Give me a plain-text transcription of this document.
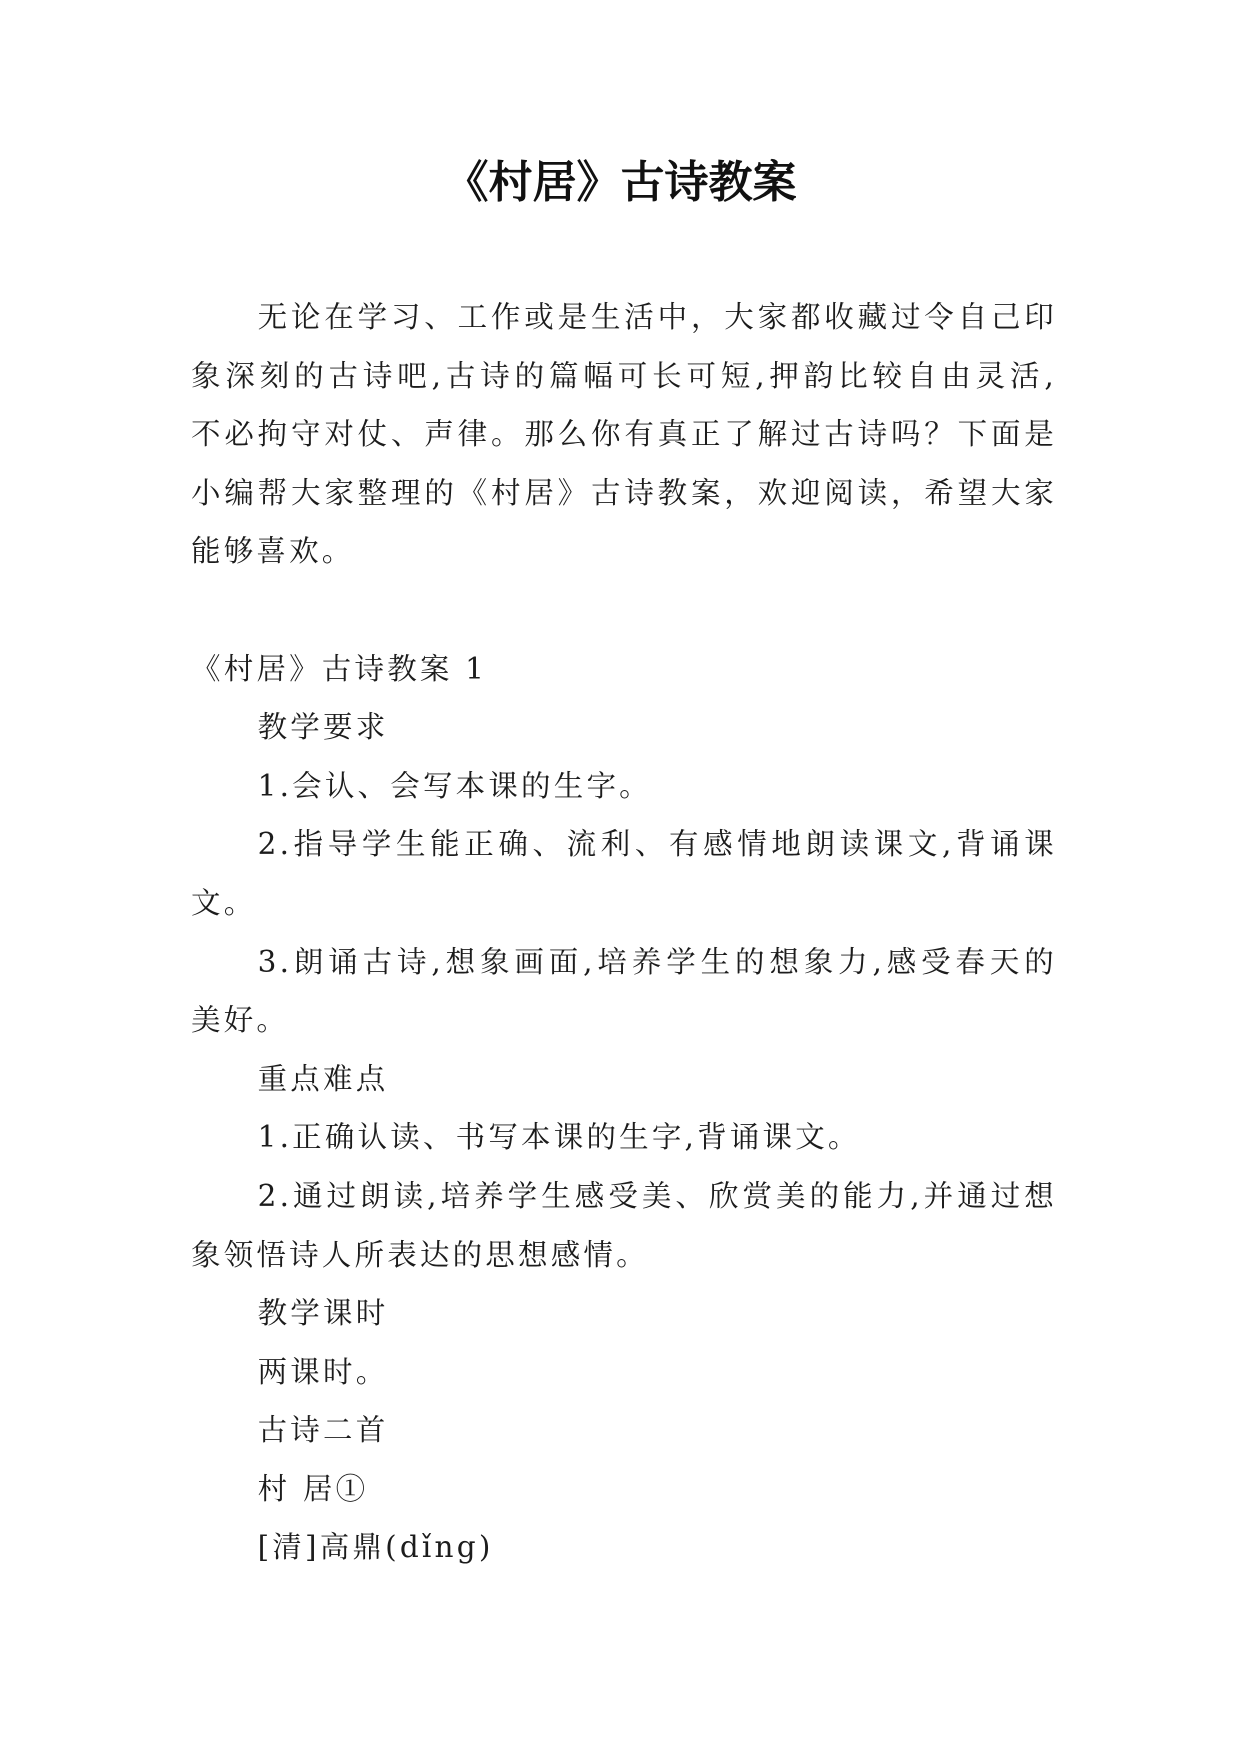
《村居》古诗教案
无论在学习、工作或是生活中，大家都收藏过令自己印
象深刻的古诗吧,古诗的篇幅可长可短,押韵比较自由灵活,
不必拘守对仗、声律。那么你有真正了解过古诗吗？下面是
小编帮大家整理的《村居》古诗教案，欢迎阅读，希望大家
能够喜欢。
《村居》古诗教案 1
教学要求
1.会认、会写本课的生字。
2.指导学生能正确、流利、有感情地朗读课文,背诵课
文。
3.朗诵古诗,想象画面,培养学生的想象力,感受春天的
美好。
重点难点
1.正确认读、书写本课的生字,背诵课文。
2.通过朗读,培养学生感受美、欣赏美的能力,并通过想
象领悟诗人所表达的思想感情。
教学课时
两课时。
古诗二首
村 居①
[清]高鼎(dǐng)
